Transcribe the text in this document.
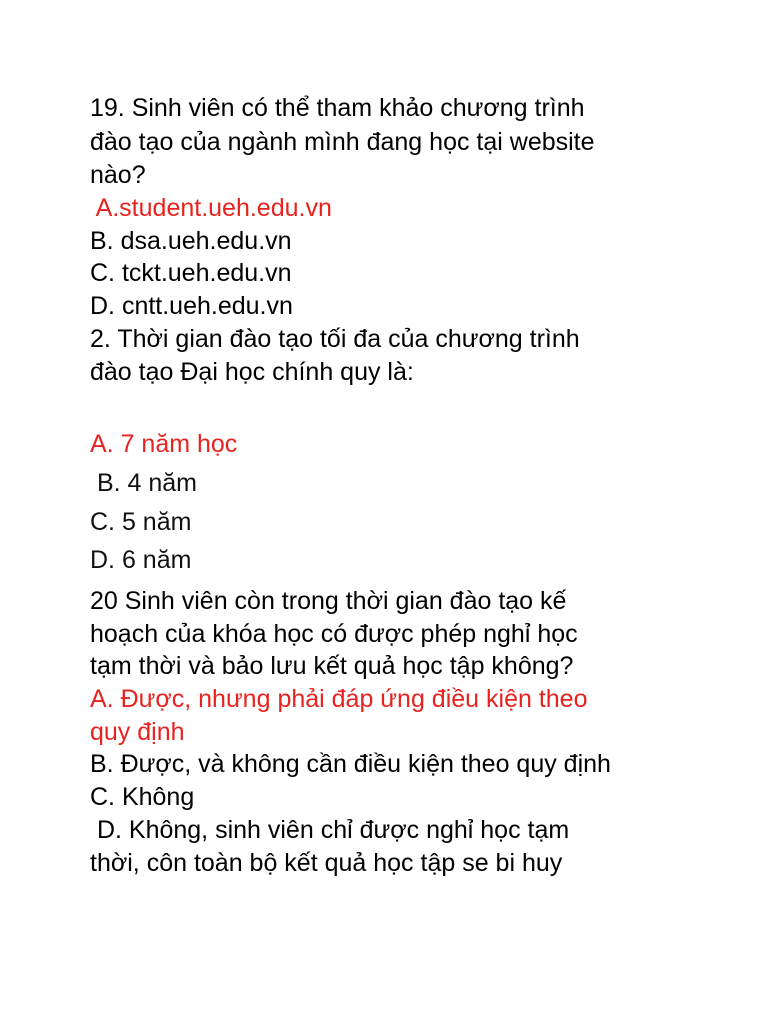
19. Sinh viên có thể tham khảo chương trình

đào tạo của ngành mình đang học tại website

nào?

A.student.ueh.edu.vn

B. dsa.ueh.edu.vn

C. tckt.ueh.edu.vn

D. cntt.ueh.edu.vn

2. Thời gian đào tạo tối đa của chương trình

đào tạo Đại học chính quy là:

A. 7 năm học

B. 4 năm

C. 5 năm

D. 6 năm

20 Sinh viên còn trong thời gian đào tạo kế

hoạch của khóa học có được phép nghỉ học

tạm thời và bảo lưu kết quả học tập không?

A. Được, nhưng phải đáp ứng điều kiện theo

quy định

B. Được, và không cần điều kiện theo quy định

C. Không

D. Không, sinh viên chỉ được nghỉ học tạm

thời, côn toàn bộ kết quả học tập se bi huy
